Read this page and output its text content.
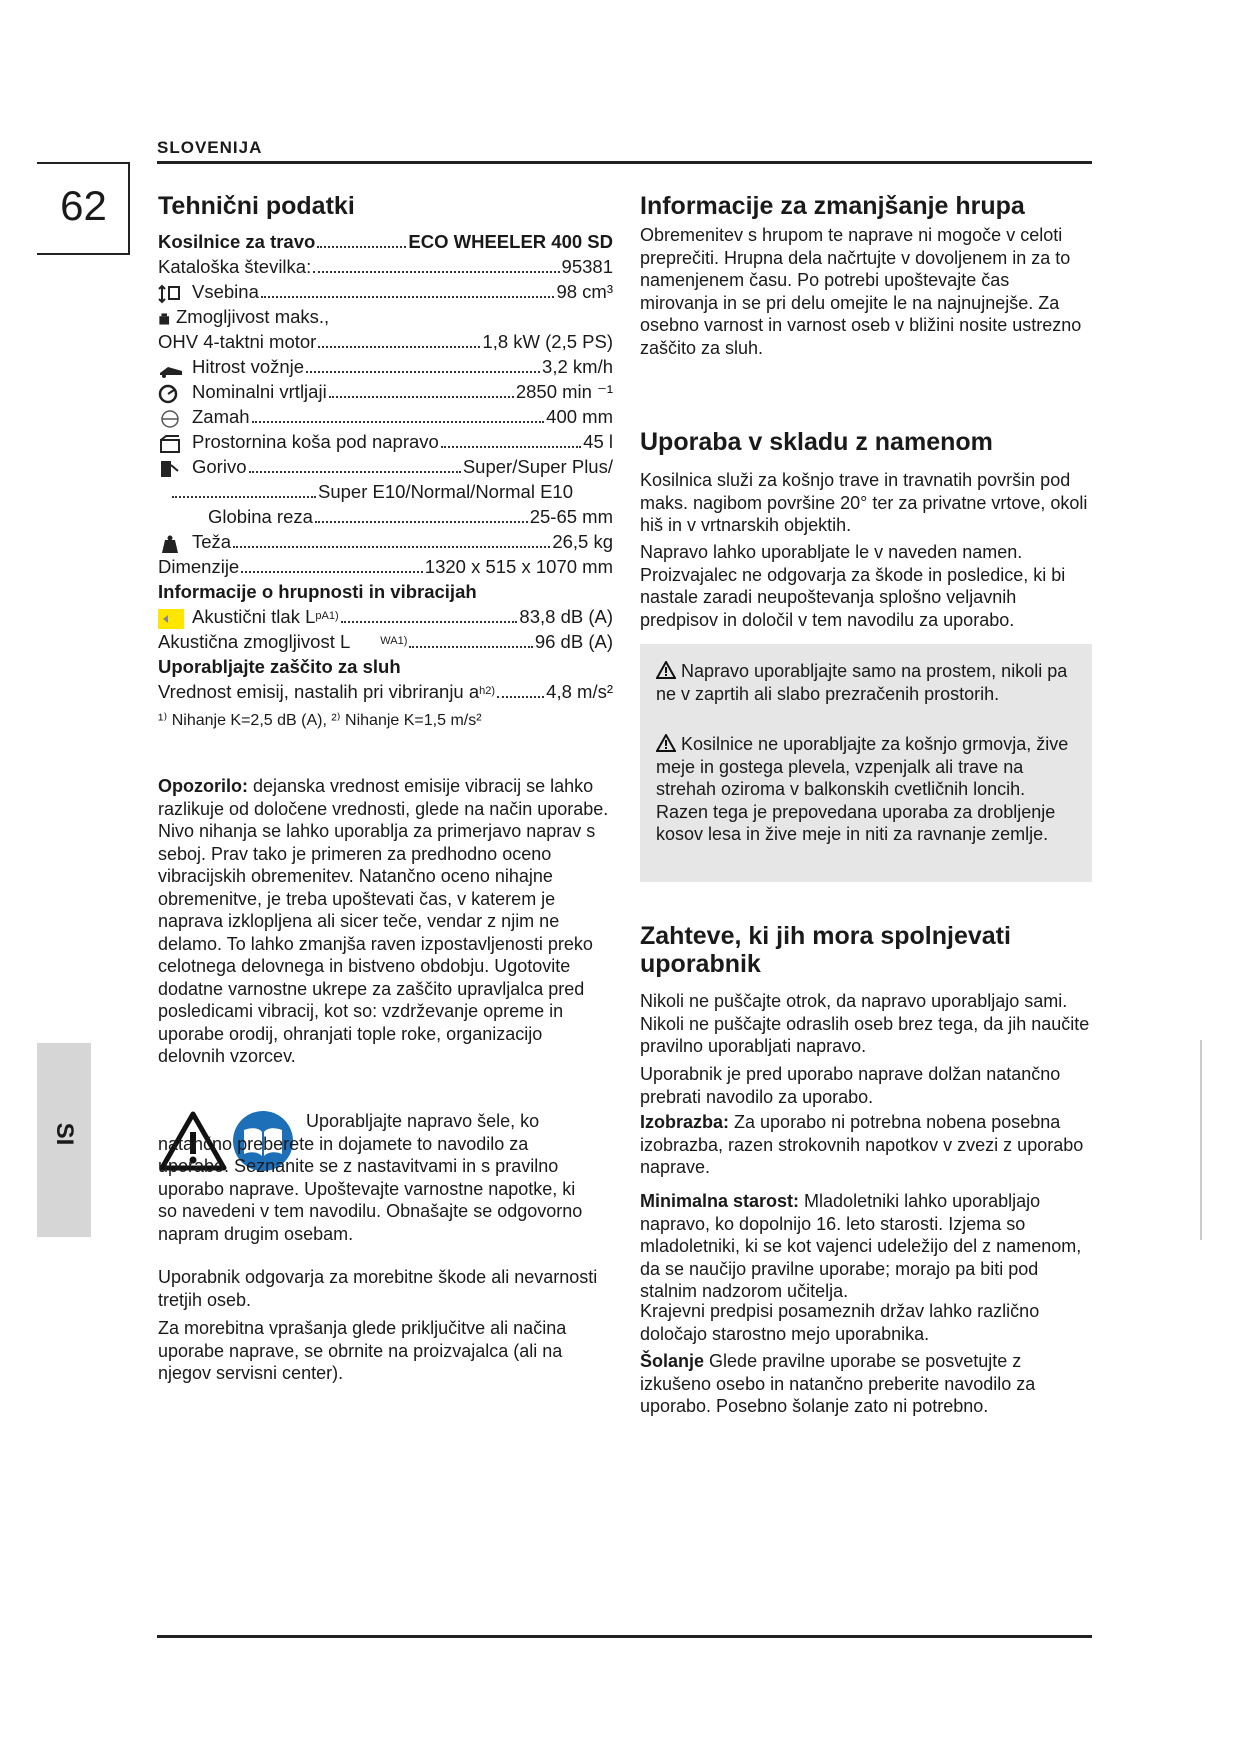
SLOVENIJA
62
SI
Tehnični podatki
Kosilnice za travo	ECO WHEELER 400 SD
Kataloška številka:	95381
Vsebina	98 cm³
Zmogljivost maks.,
OHV 4-taktni motor	1,8 kW (2,5 PS)
Hitrost vožnje	3,2 km/h
Nominalni vrtljaji	2850 min ⁻¹
Zamah	400 mm
Prostornina koša pod napravo	45 l
Gorivo	Super/Super Plus/
Super E10/Normal/Normal E10
Globina reza	25-65 mm
Teža	26,5 kg
Dimenzije	1320 x 515 x 1070 mm
Informacije o hrupnosti in vibracijah
Akustični tlak L pA 1)	83,8 dB (A)
Akustična zmogljivost L	WA 1)	96 dB (A)
Uporabljajte zaščito za sluh
Vrednost emisij, nastalih pri vibriranju a h 2)	4,8 m/s²
¹⁾ Nihanje K=2,5 dB (A), ²⁾ Nihanje K=1,5 m/s²

Opozorilo: dejanska vrednost emisije vibracij se lahko razlikuje od določene vrednosti, glede na način uporabe. Nivo nihanja se lahko uporablja za primerjavo naprav s seboj. Prav tako je primeren za predhodno oceno vibracijskih obremenitev. Natančno oceno nihajne obremenitve, je treba upoštevati čas, v katerem je naprava izklopljena ali sicer teče, vendar z njim ne delamo. To lahko zmanjša raven izpostavljenosti preko celotnega delovnega in bistveno obdobju. Ugotovite dodatne varnostne ukrepe za zaščito upravljalca pred posledicami vibracij, kot so: vzdrževanje opreme in uporabe orodij, ohranjati tople roke, organizacijo delovnih vzorcev.

Uporabljajte napravo šele, ko natančno preberete in dojamete to navodilo za uporabo. Seznanite se z nastavitvami in s pravilno uporabo naprave. Upoštevajte varnostne napotke, ki so navedeni v tem navodilu. Obnašajte se odgovorno napram drugim osebam.

Uporabnik odgovarja za morebitne škode ali nevarnosti tretjih oseb.

Za morebitna vprašanja glede priključitve ali načina uporabe naprave, se obrnite na proizvajalca (ali na njegov servisni center).

Informacije za zmanjšanje hrupa

Obremenitev s hrupom te naprave ni mogoče v celoti preprečiti. Hrupna dela načrtujte v dovoljenem in za to namenjenem času. Po potrebi upoštevajte čas mirovanja in se pri delu omejite le na najnujnejše. Za osebno varnost in varnost oseb v bližini nosite ustrezno zaščito za sluh.

Uporaba v skladu z namenom

Kosilnica služi za košnjo trave in travnatih površin pod maks. nagibom površine 20° ter za privatne vrtove, okoli hiš in v vrtnarskih objektih.

Napravo lahko uporabljate le v naveden namen. Proizvajalec ne odgovarja za škode in posledice, ki bi nastale zaradi neupoštevanja splošno veljavnih predpisov in določil v tem navodilu za uporabo.

Napravo uporabljajte samo na prostem, nikoli pa ne v zaprtih ali slabo prezračenih prostorih.

Kosilnice ne uporabljajte za košnjo grmovja, žive meje in gostega plevela, vzpenjalk ali trave na strehah oziroma v balkonskih cvetličnih loncih. Razen tega je prepovedana uporaba za drobljenje kosov lesa in žive meje in niti za ravnanje zemlje.

Zahteve, ki jih mora spolnjevati uporabnik

Nikoli ne puščajte otrok, da napravo uporabljajo sami. Nikoli ne puščajte odraslih oseb brez tega, da jih naučite pravilno uporabljati napravo.

Uporabnik je pred uporabo naprave dolžan natančno prebrati navodilo za uporabo.

Izobrazba: Za uporabo ni potrebna nobena posebna izobrazba, razen strokovnih napotkov v zvezi z uporabo naprave.

Minimalna starost: Mladoletniki lahko uporabljajo napravo, ko dopolnijo 16. leto starosti. Izjema so mladoletniki, ki se kot vajenci udeležijo del z namenom, da se naučijo pravilne uporabe; morajo pa biti pod stalnim nadzorom učitelja.

Krajevni predpisi posameznih držav lahko različno določajo starostno mejo uporabnika.

Šolanje Glede pravilne uporabe se posvetujte z izkušeno osebo in natančno preberite navodilo za uporabo. Posebno šolanje zato ni potrebno.
